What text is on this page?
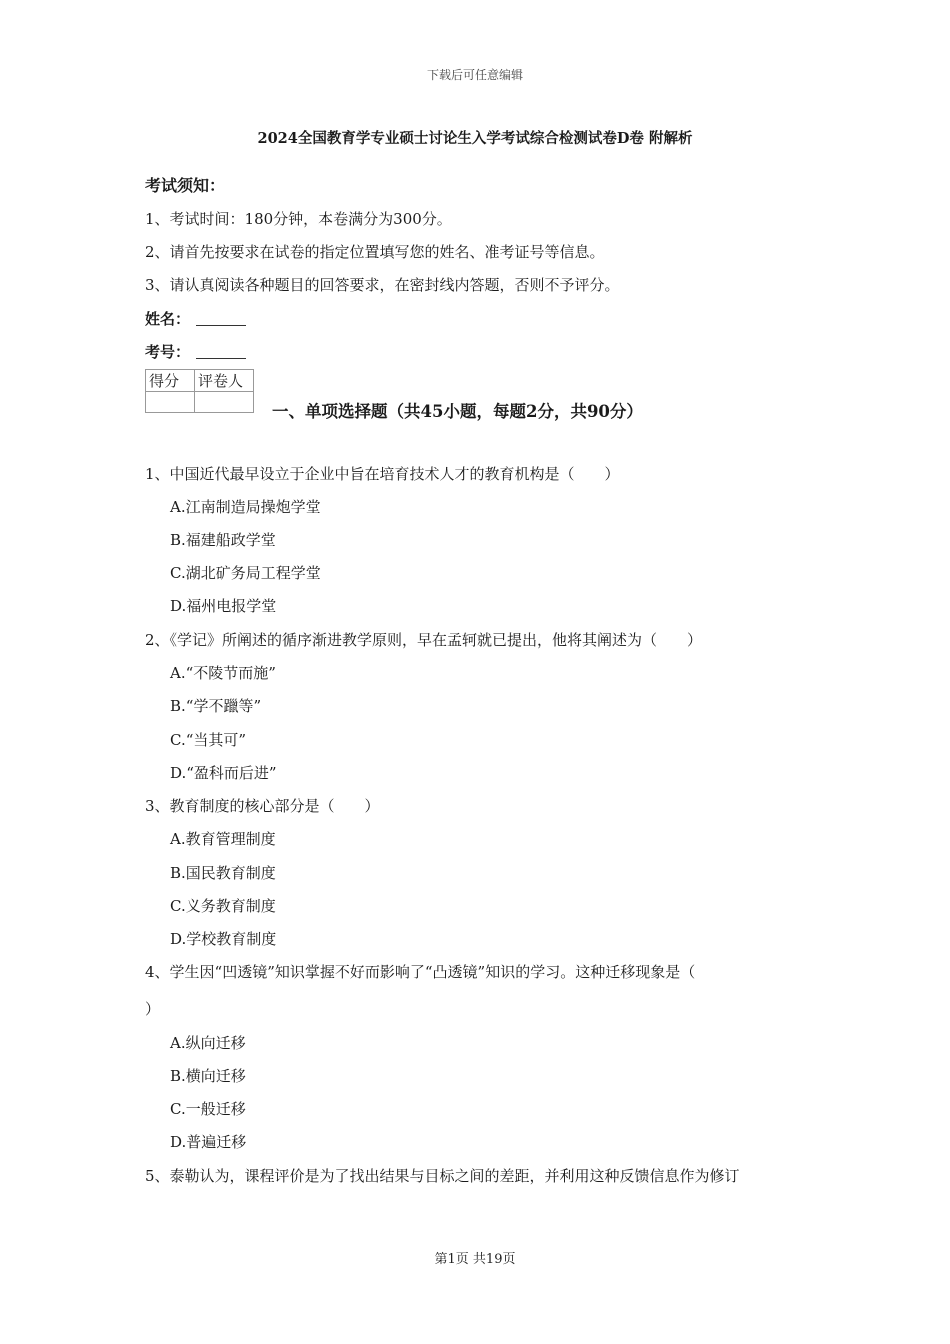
下载后可任意编辑
2024全国教育学专业硕士讨论生入学考试综合检测试卷D卷 附解析
考试须知：
1、考试时间：180分钟，本卷满分为300分。
2、请首先按要求在试卷的指定位置填写您的姓名、准考证号等信息。
3、请认真阅读各种题目的回答要求，在密封线内答题，否则不予评分。
姓名：
考号：
得分	评卷人

一、单项选择题（共45小题，每题2分，共90分）
1、中国近代最早设立于企业中旨在培育技术人才的教育机构是（　　）
A.江南制造局操炮学堂
B.福建船政学堂
C.湖北矿务局工程学堂
D.福州电报学堂
2、《学记》所阐述的循序渐进教学原则，早在孟轲就已提出，他将其阐述为（　　）
A.“不陵节而施”
B.“学不躐等”
C.“当其可”
D.“盈科而后进”
3、教育制度的核心部分是（　　）
A.教育管理制度
B.国民教育制度
C.义务教育制度
D.学校教育制度
4、学生因“凹透镜”知识掌握不好而影响了“凸透镜”知识的学习。这种迁移现象是（
）
A.纵向迁移
B.横向迁移
C.一般迁移
D.普遍迁移
5、泰勒认为，课程评价是为了找出结果与目标之间的差距，并利用这种反馈信息作为修订
第1页 共19页
